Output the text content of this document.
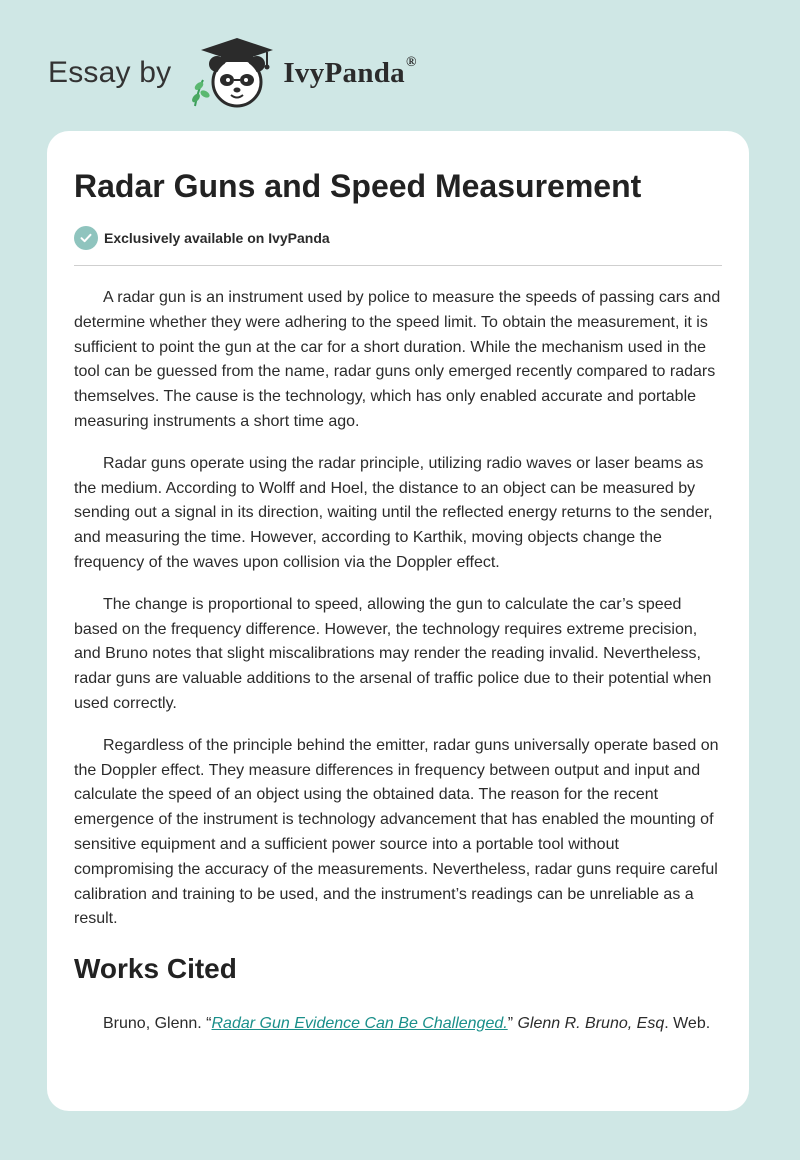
Essay by	IvyPanda®
Radar Guns and Speed Measurement
Exclusively available on IvyPanda

A radar gun is an instrument used by police to measure the speeds of passing cars and determine whether they were adhering to the speed limit. To obtain the measurement, it is sufficient to point the gun at the car for a short duration. While the mechanism used in the tool can be guessed from the name, radar guns only emerged recently compared to radars themselves. The cause is the technology, which has only enabled accurate and portable measuring instruments a short time ago.

Radar guns operate using the radar principle, utilizing radio waves or laser beams as the medium. According to Wolff and Hoel, the distance to an object can be measured by sending out a signal in its direction, waiting until the reflected energy returns to the sender, and measuring the time. However, according to Karthik, moving objects change the frequency of the waves upon collision via the Doppler effect.

The change is proportional to speed, allowing the gun to calculate the car’s speed based on the frequency difference. However, the technology requires extreme precision, and Bruno notes that slight miscalibrations may render the reading invalid. Nevertheless, radar guns are valuable additions to the arsenal of traffic police due to their potential when used correctly.

Regardless of the principle behind the emitter, radar guns universally operate based on the Doppler effect. They measure differences in frequency between output and input and calculate the speed of an object using the obtained data. The reason for the recent emergence of the instrument is technology advancement that has enabled the mounting of sensitive equipment and a sufficient power source into a portable tool without compromising the accuracy of the measurements. Nevertheless, radar guns require careful calibration and training to be used, and the instrument’s readings can be unreliable as a result.

Works Cited

Bruno, Glenn. “Radar Gun Evidence Can Be Challenged.” Glenn R. Bruno, Esq. Web.
